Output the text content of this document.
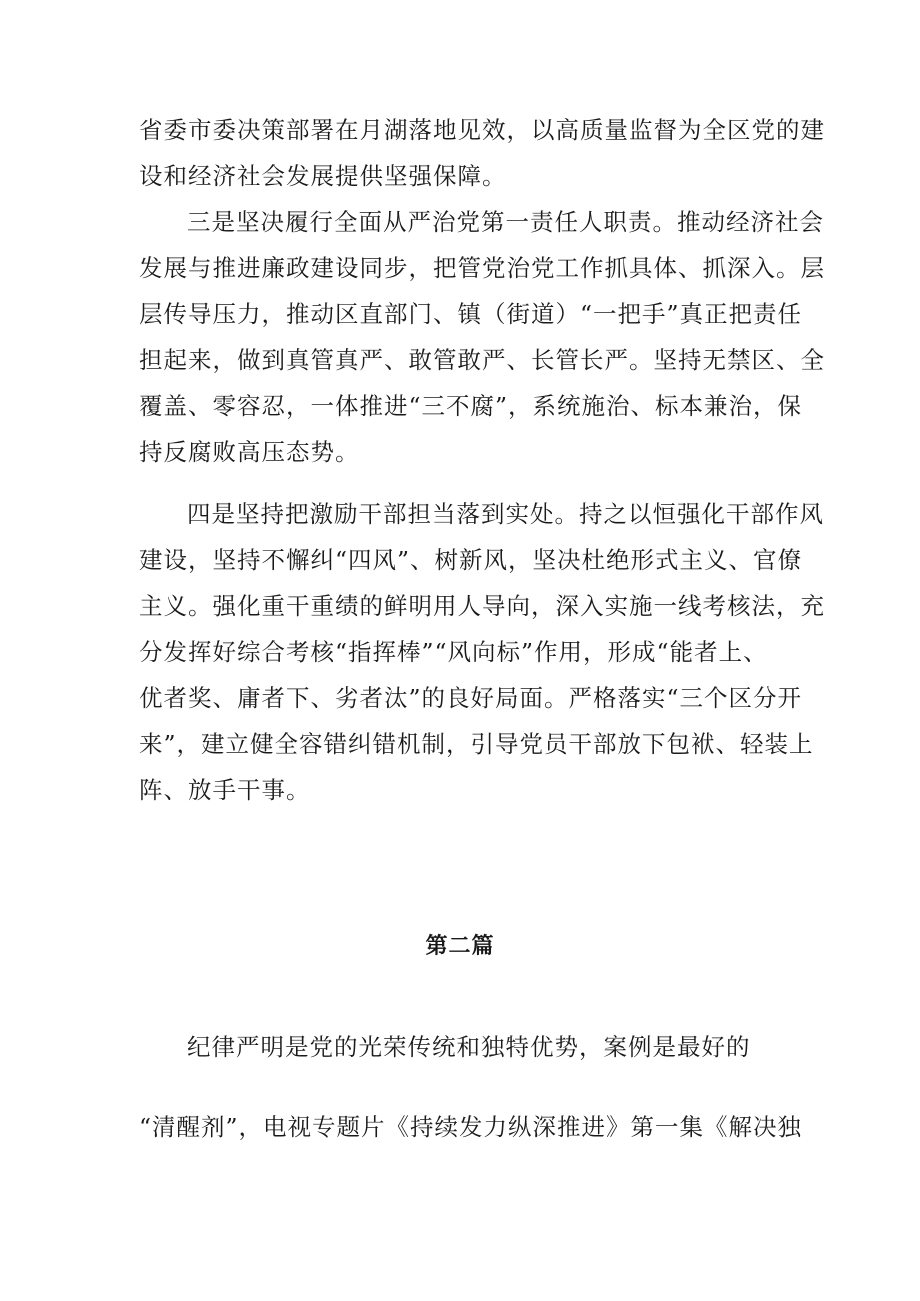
省委市委决策部署在月湖落地见效，以高质量监督为全区党的建
设和经济社会发展提供坚强保障。
三是坚决履行全面从严治党第一责任人职责。推动经济社会
发展与推进廉政建设同步，把管党治党工作抓具体、抓深入。层
层传导压力，推动区直部门、镇（街道）“一把手”真正把责任
担起来，做到真管真严、敢管敢严、长管长严。坚持无禁区、全
覆盖、零容忍，一体推进“三不腐”，系统施治、标本兼治，保
持反腐败高压态势。
四是坚持把激励干部担当落到实处。持之以恒强化干部作风
建设，坚持不懈纠“四风”、树新风，坚决杜绝形式主义、官僚
主义。强化重干重绩的鲜明用人导向，深入实施一线考核法，充
分发挥好综合考核“指挥棒”“风向标”作用，形成“能者上、
优者奖、庸者下、劣者汰”的良好局面。严格落实“三个区分开
来”，建立健全容错纠错机制，引导党员干部放下包袱、轻装上
阵、放手干事。
第二篇
纪律严明是党的光荣传统和独特优势，案例是最好的
“清醒剂”，电视专题片《持续发力纵深推进》第一集《解决独
